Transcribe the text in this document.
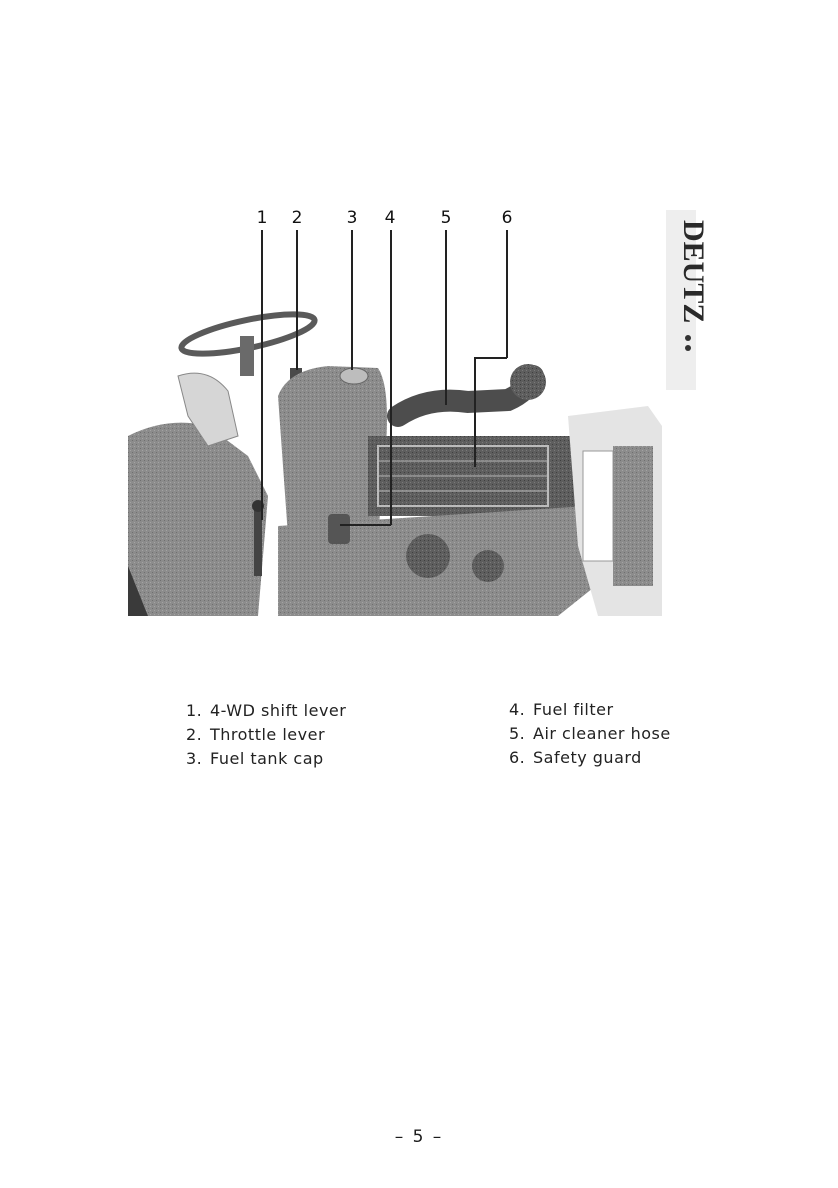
1 2	3 4	5	6
DEUTZ
1. 4-WD shift lever
2. Throttle lever
3. Fuel tank cap
4. Fuel filter
5. Air cleaner hose
6. Safety guard
– 5 –
